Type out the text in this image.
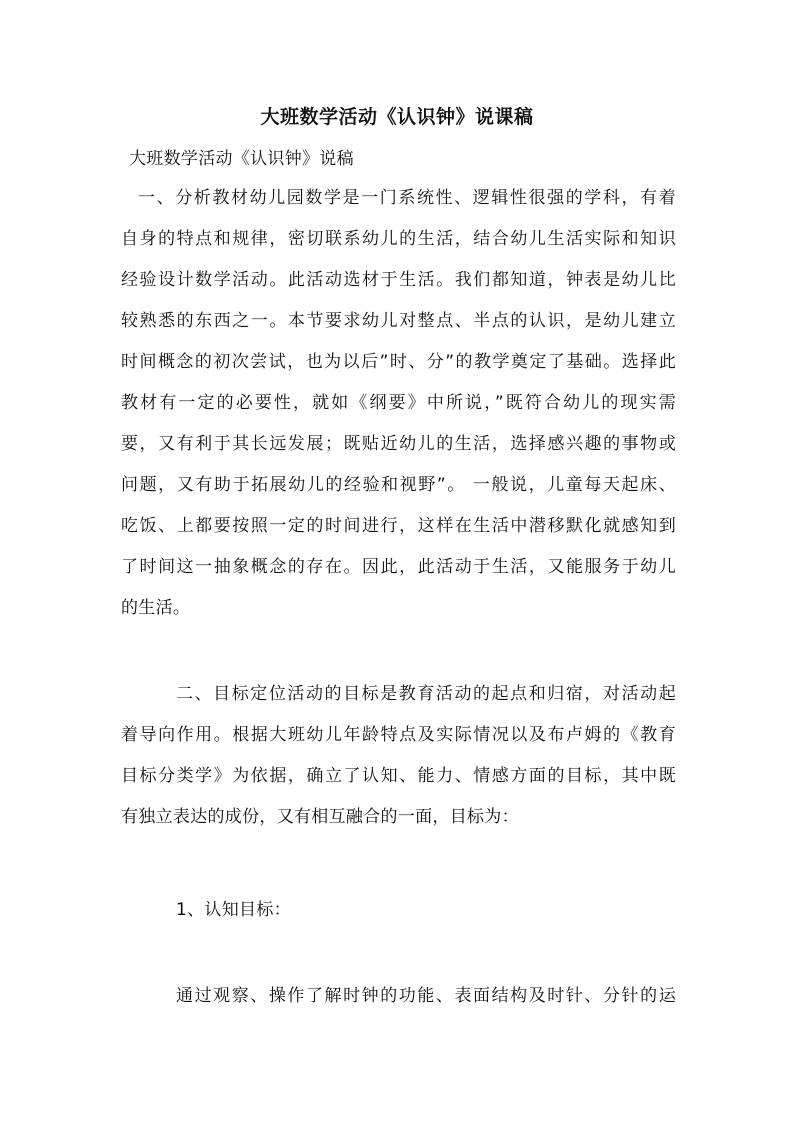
大班数学活动《认识钟》说课稿
大班数学活动《认识钟》说稿
一、分析教材幼儿园数学是一门系统性、逻辑性很强的学科，有着
自身的特点和规律，密切联系幼儿的生活，结合幼儿生活实际和知识
经验设计数学活动。此活动选材于生活。我们都知道，钟表是幼儿比
较熟悉的东西之一。本节要求幼儿对整点、半点的认识，是幼儿建立
时间概念的初次尝试，也为以后”时、分”的教学奠定了基础。选择此
教材有一定的必要性，就如《纲要》中所说，”既符合幼儿的现实需
要，又有利于其长远发展；既贴近幼儿的生活，选择感兴趣的事物或
问题，又有助于拓展幼儿的经验和视野”。 一般说，儿童每天起床、
吃饭、上都要按照一定的时间进行，这样在生活中潜移默化就感知到
了时间这一抽象概念的存在。因此，此活动于生活，又能服务于幼儿
的生活。
二、目标定位活动的目标是教育活动的起点和归宿，对活动起
着导向作用。根据大班幼儿年龄特点及实际情况以及布卢姆的《教育
目标分类学》为依据，确立了认知、能力、情感方面的目标，其中既
有独立表达的成份，又有相互融合的一面，目标为：
1、认知目标：
通过观察、操作了解时钟的功能、表面结构及时针、分针的运
